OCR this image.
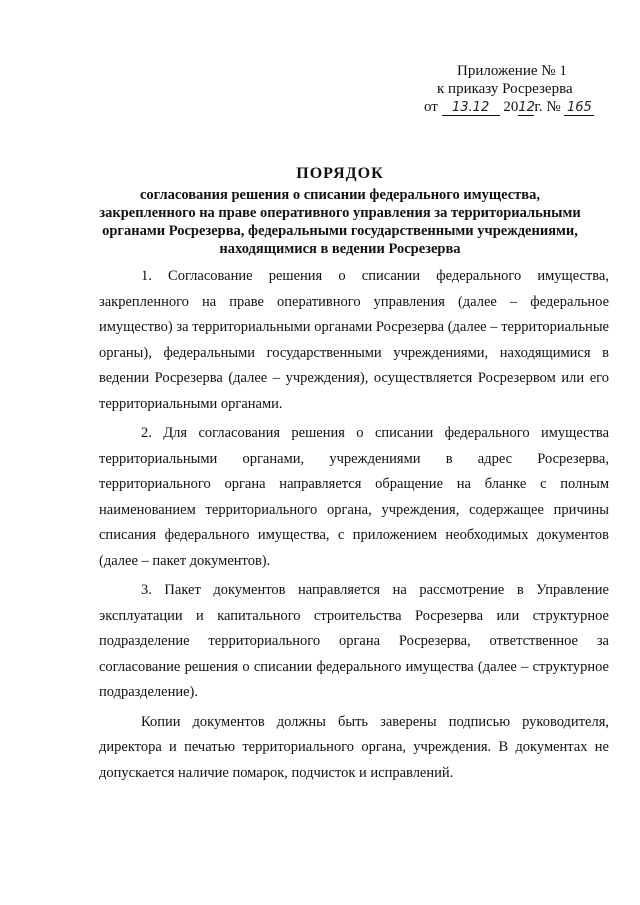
Приложение № 1
к приказу Росрезерва
от 13.12 2012г. № 165
ПОРЯДОК
согласования решения о списании федерального имущества,
закрепленного на праве оперативного управления за территориальными
органами Росрезерва, федеральными государственными учреждениями,
находящимися в ведении Росрезерва

1. Согласование решения о списании федерального имущества, закрепленного на праве оперативного управления (далее – федеральное имущество) за территориальными органами Росрезерва (далее – территориальные органы), федеральными государственными учреждениями, находящимися в ведении Росрезерва (далее – учреждения), осуществляется Росрезервом или его территориальными органами.

2. Для согласования решения о списании федерального имущества территориальными органами, учреждениями в адрес Росрезерва, территориального органа направляется обращение на бланке с полным наименованием территориального органа, учреждения, содержащее причины списания федерального имущества, с приложением необходимых документов (далее – пакет документов).

3. Пакет документов направляется на рассмотрение в Управление эксплуатации и капитального строительства Росрезерва или структурное подразделение территориального органа Росрезерва, ответственное за согласование решения о списании федерального имущества (далее – структурное подразделение).

Копии документов должны быть заверены подписью руководителя, директора и печатью территориального органа, учреждения. В документах не допускается наличие помарок, подчисток и исправлений.
